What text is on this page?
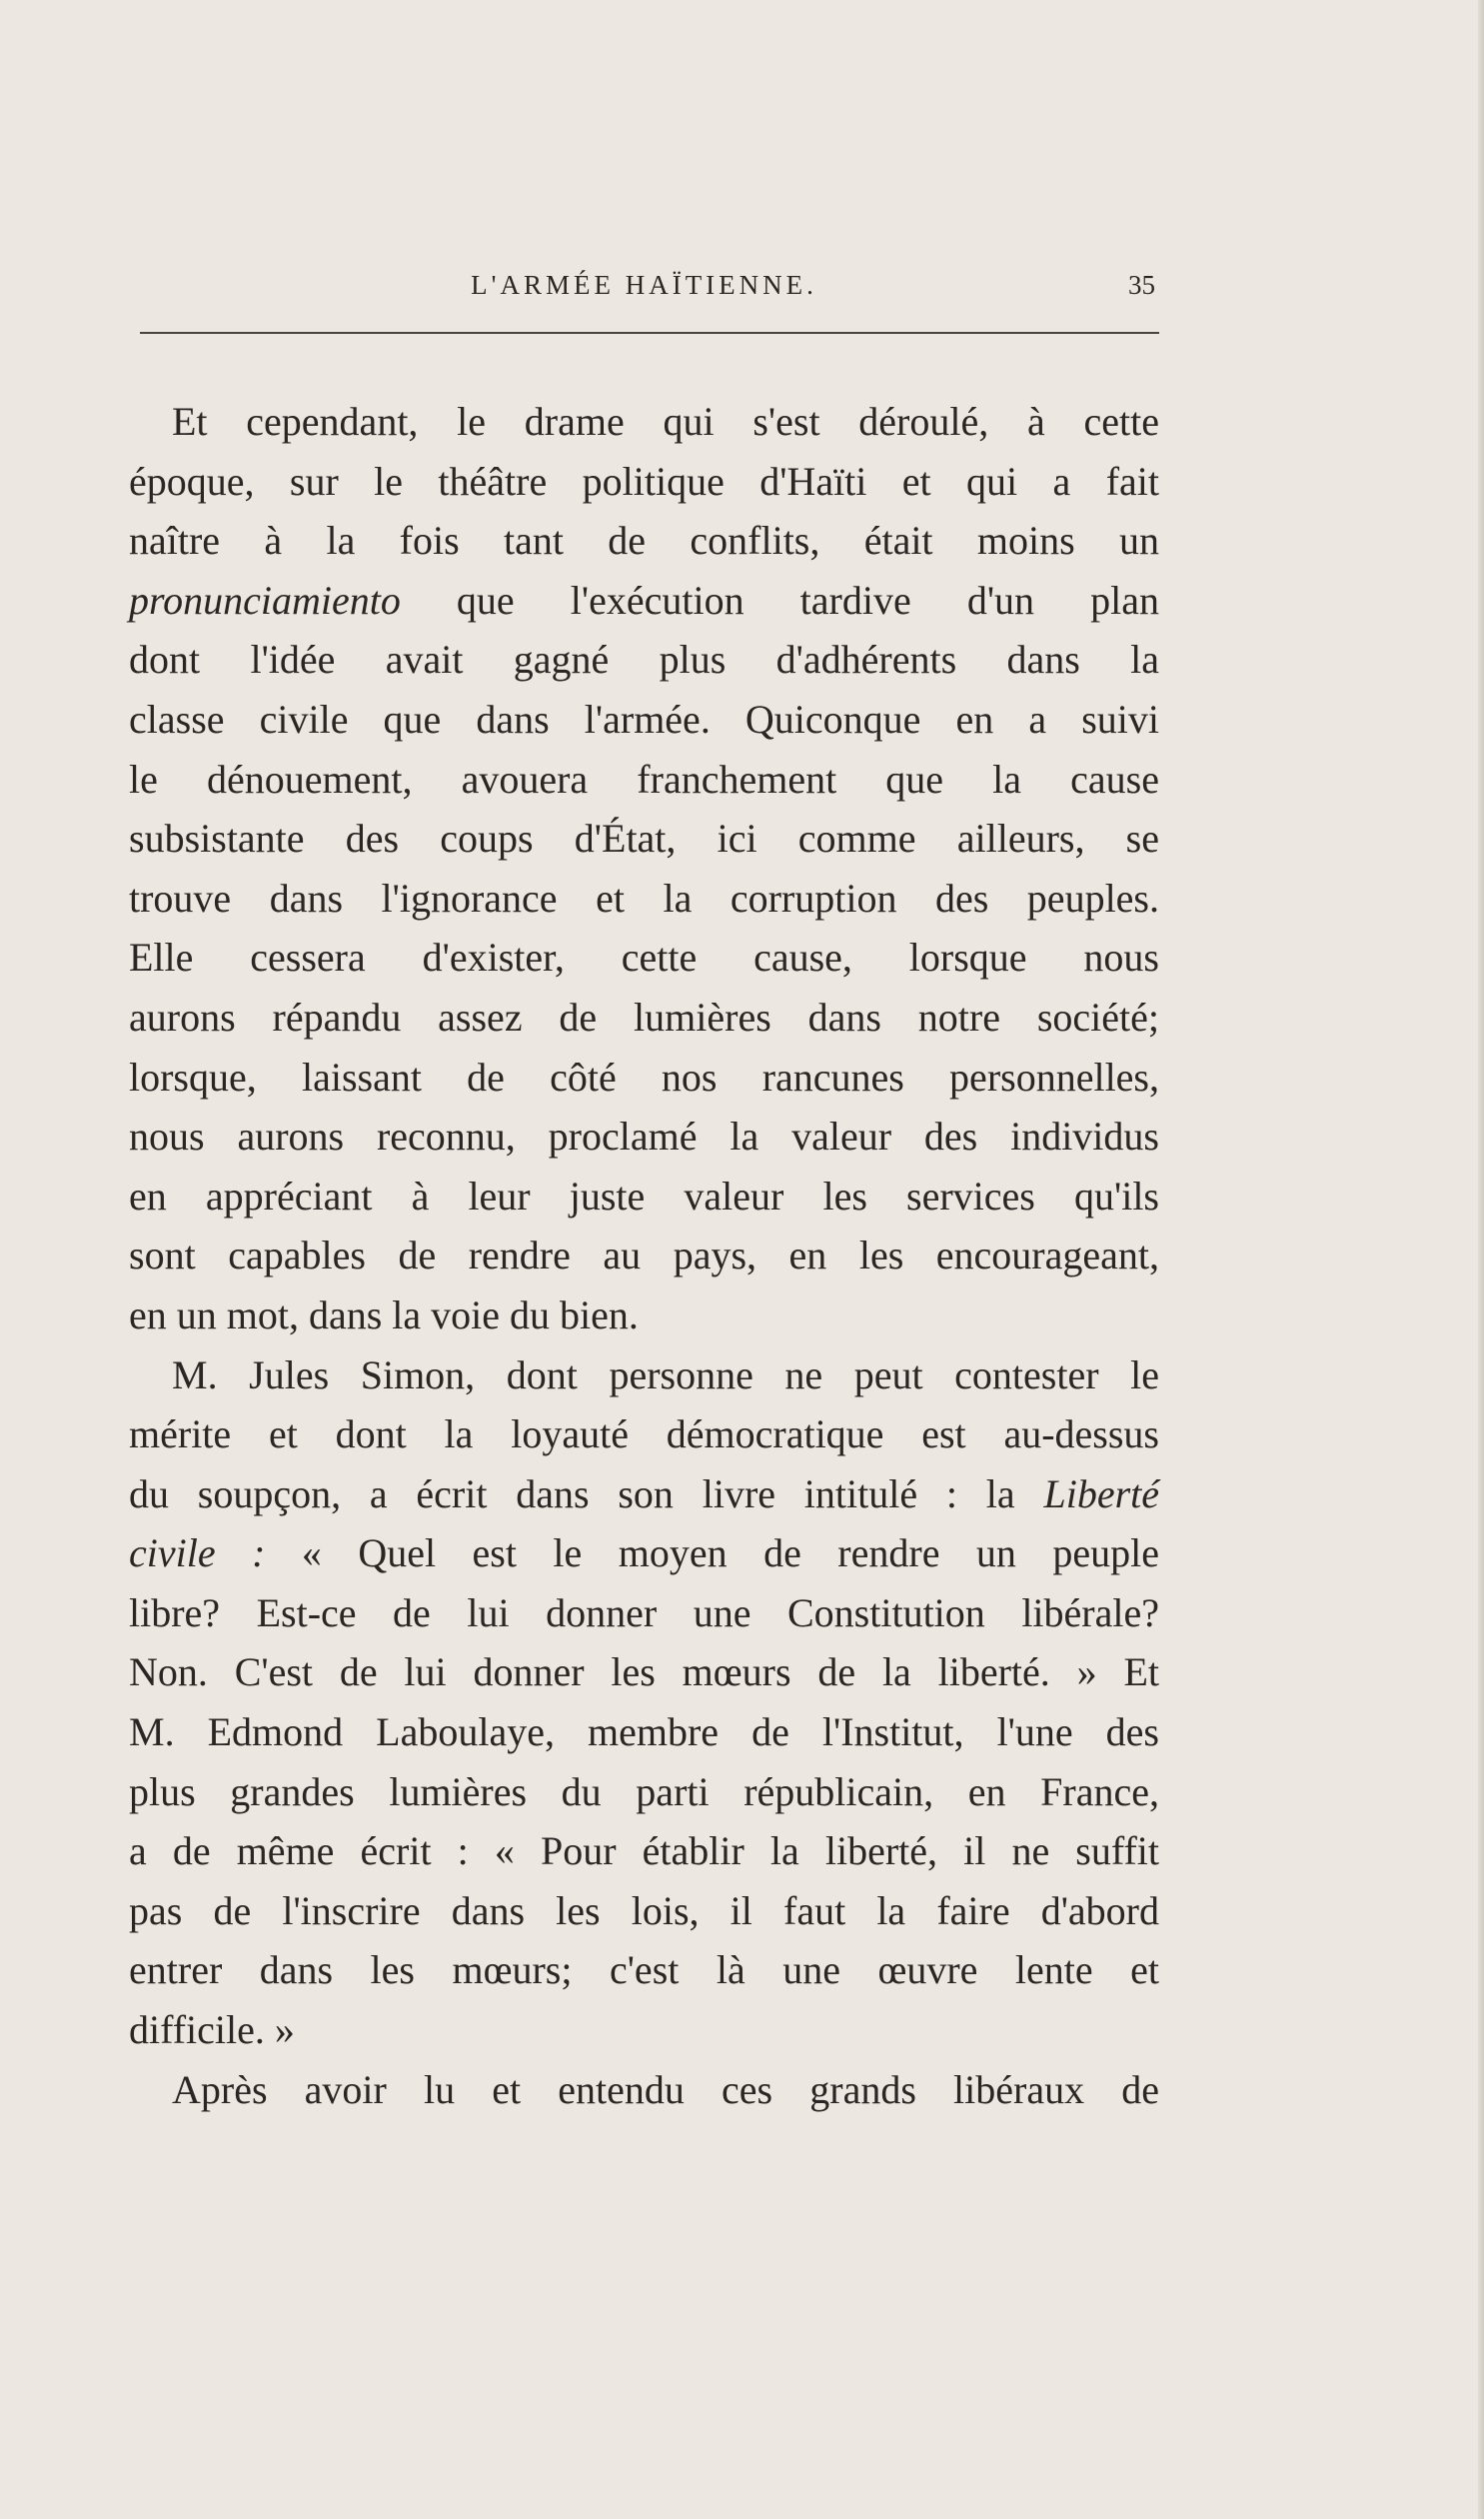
L'ARMÉE HAÏTIENNE.	35
Et cependant, le drame qui s'est déroulé, à cette
époque, sur le théâtre politique d'Haïti et qui a fait
naître à la fois tant de conflits, était moins un
pronunciamiento que l'exécution tardive d'un plan
dont l'idée avait gagné plus d'adhérents dans la
classe civile que dans l'armée. Quiconque en a suivi
le dénouement, avouera franchement que la cause
subsistante des coups d'État, ici comme ailleurs, se
trouve dans l'ignorance et la corruption des peuples.
Elle cessera d'exister, cette cause, lorsque nous
aurons répandu assez de lumières dans notre société;
lorsque, laissant de côté nos rancunes personnelles,
nous aurons reconnu, proclamé la valeur des individus
en appréciant à leur juste valeur les services qu'ils
sont capables de rendre au pays, en les encourageant,
en un mot, dans la voie du bien.
M. Jules Simon, dont personne ne peut contester le
mérite et dont la loyauté démocratique est au-dessus
du soupçon, a écrit dans son livre intitulé : la Liberté
civile : « Quel est le moyen de rendre un peuple
libre? Est-ce de lui donner une Constitution libérale?
Non. C'est de lui donner les mœurs de la liberté. » Et
M. Edmond Laboulaye, membre de l'Institut, l'une des
plus grandes lumières du parti républicain, en France,
a de même écrit : « Pour établir la liberté, il ne suffit
pas de l'inscrire dans les lois, il faut la faire d'abord
entrer dans les mœurs; c'est là une œuvre lente et
difficile. »
Après avoir lu et entendu ces grands libéraux de
